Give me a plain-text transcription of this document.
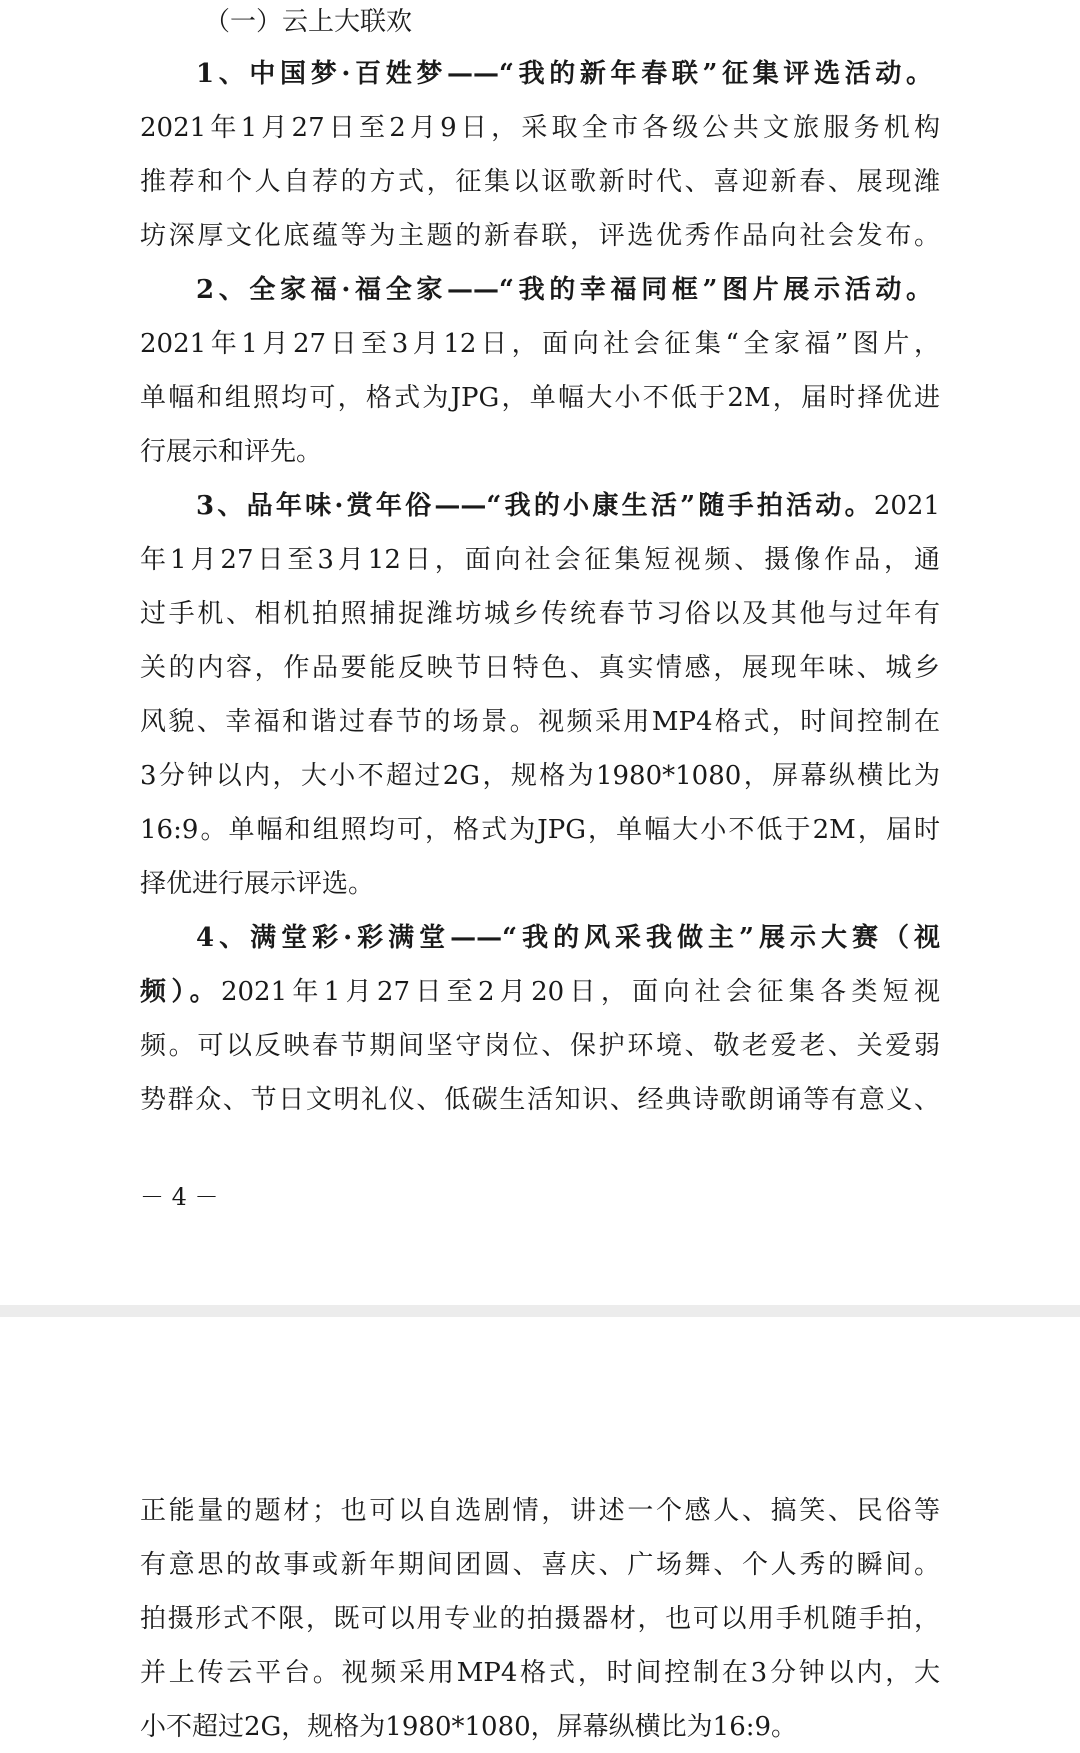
（一）云上大联欢
1、中国梦·百姓梦——“我的新年春联”征集评选活动。
2021年1月27日至2月9日，采取全市各级公共文旅服务机构
推荐和个人自荐的方式，征集以讴歌新时代、喜迎新春、展现潍
坊深厚文化底蕴等为主题的新春联，评选优秀作品向社会发布。
2、全家福·福全家——“我的幸福同框”图片展示活动。
2021年1月27日至3月12日，面向社会征集“全家福”图片，
单幅和组照均可，格式为JPG，单幅大小不低于2M，届时择优进
行展示和评先。
3、品年味·赏年俗——“我的小康生活”随手拍活动。2021
年1月27日至3月12日，面向社会征集短视频、摄像作品，通
过手机、相机拍照捕捉潍坊城乡传统春节习俗以及其他与过年有
关的内容，作品要能反映节日特色、真实情感，展现年味、城乡
风貌、幸福和谐过春节的场景。视频采用MP4格式，时间控制在
3分钟以内，大小不超过2G，规格为1980*1080，屏幕纵横比为
16:9。单幅和组照均可，格式为JPG，单幅大小不低于2M，届时
择优进行展示评选。
4、满堂彩·彩满堂——“我的风采我做主”展示大赛（视
频）。2021年1月27日至2月20日，面向社会征集各类短视
频。可以反映春节期间坚守岗位、保护环境、敬老爱老、关爱弱
势群众、节日文明礼仪、低碳生活知识、经典诗歌朗诵等有意义、
－ 4 －
正能量的题材；也可以自选剧情，讲述一个感人、搞笑、民俗等
有意思的故事或新年期间团圆、喜庆、广场舞、个人秀的瞬间。
拍摄形式不限，既可以用专业的拍摄器材，也可以用手机随手拍，
并上传云平台。视频采用MP4格式，时间控制在3分钟以内，大
小不超过2G，规格为1980*1080，屏幕纵横比为16:9。
